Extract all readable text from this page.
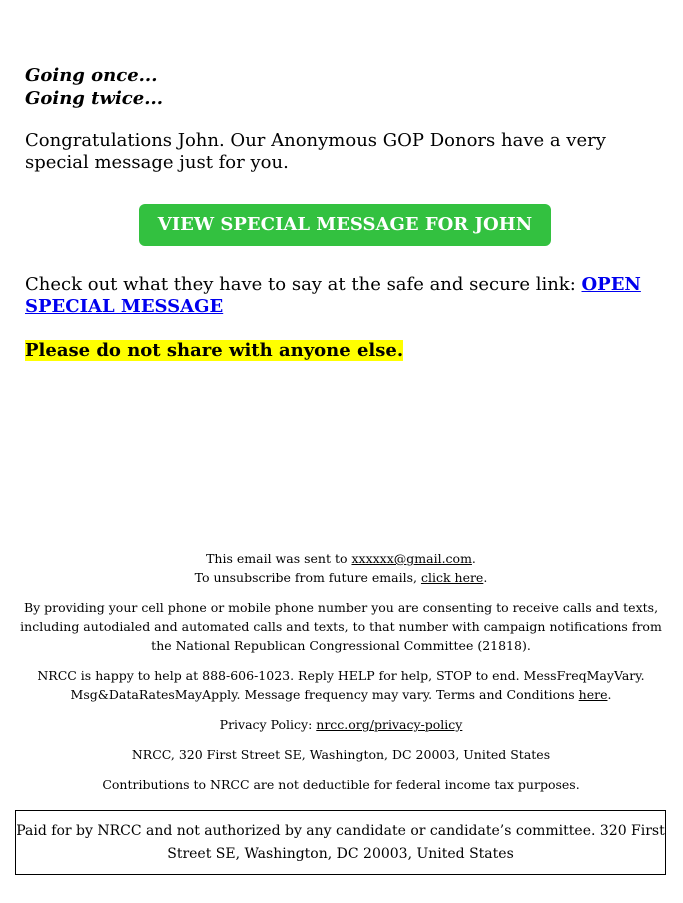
Going once...
Going twice...
Congratulations John. Our Anonymous GOP Donors have a very special message just for you.
VIEW SPECIAL MESSAGE FOR JOHN
Check out what they have to say at the safe and secure link: OPEN SPECIAL MESSAGE
Please do not share with anyone else.

This email was sent to xxxxxx@gmail.com.
To unsubscribe from future emails, click here.

By providing your cell phone or mobile phone number you are consenting to receive calls and texts, including autodialed and automated calls and texts, to that number with campaign notifications from the National Republican Congressional Committee (21818).

NRCC is happy to help at 888-606-1023. Reply HELP for help, STOP to end. MessFreqMayVary. Msg&DataRatesMayApply. Message frequency may vary. Terms and Conditions here.

Privacy Policy: nrcc.org/privacy-policy

NRCC, 320 First Street SE, Washington, DC 20003, United States

Contributions to NRCC are not deductible for federal income tax purposes.

Paid for by NRCC and not authorized by any candidate or candidate’s committee. 320 First Street SE, Washington, DC 20003, United States
